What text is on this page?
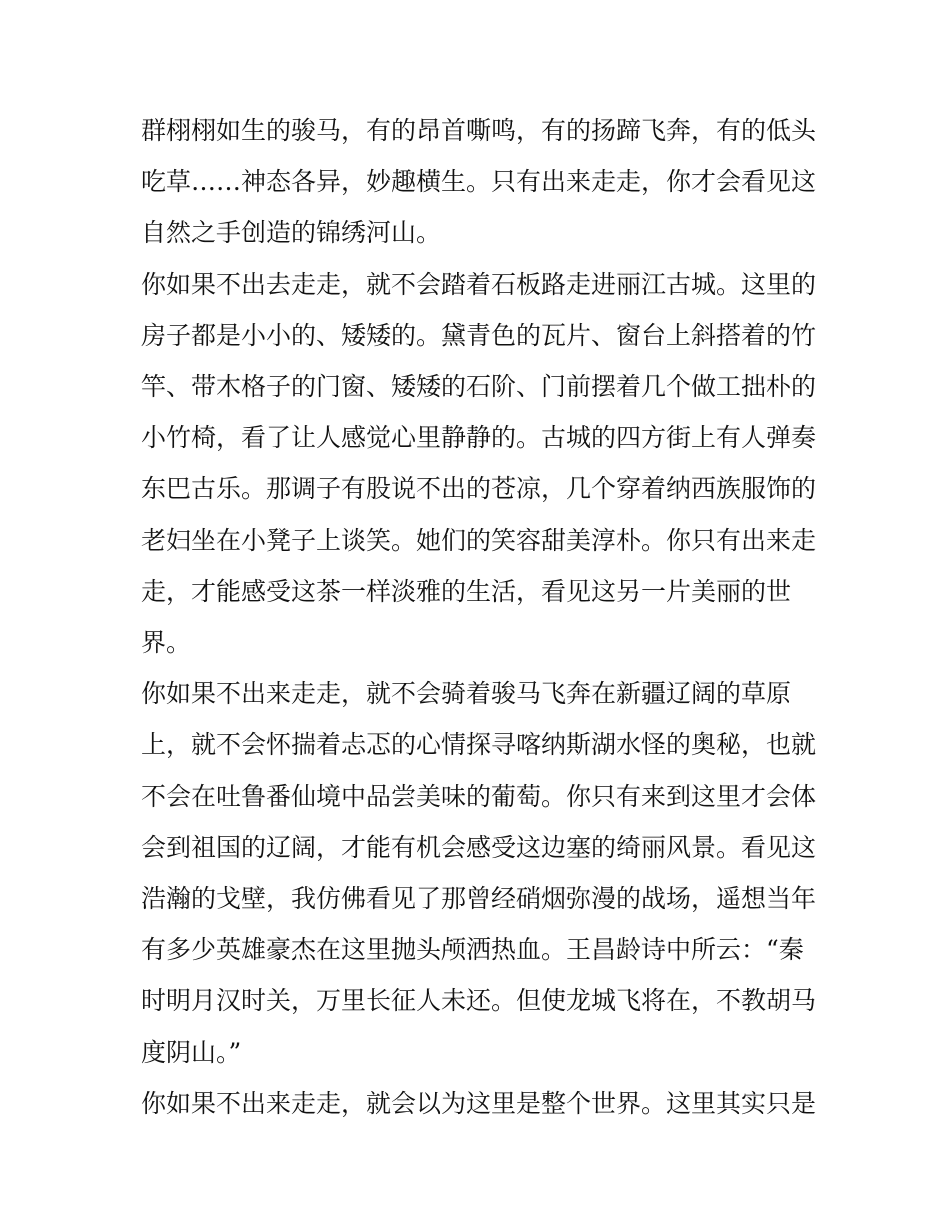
群栩栩如生的骏马，有的昂首嘶鸣，有的扬蹄飞奔，有的低头
吃草……神态各异，妙趣横生。只有出来走走，你才会看见这
自然之手创造的锦绣河山。

你如果不出去走走，就不会踏着石板路走进丽江古城。这里的
房子都是小小的、矮矮的。黛青色的瓦片、窗台上斜搭着的竹
竿、带木格子的门窗、矮矮的石阶、门前摆着几个做工拙朴的
小竹椅，看了让人感觉心里静静的。古城的四方街上有人弹奏
东巴古乐。那调子有股说不出的苍凉，几个穿着纳西族服饰的
老妇坐在小凳子上谈笑。她们的笑容甜美淳朴。你只有出来走
走，才能感受这茶一样淡雅的生活，看见这另一片美丽的世
界。

你如果不出来走走，就不会骑着骏马飞奔在新疆辽阔的草原
上，就不会怀揣着忐忑的心情探寻喀纳斯湖水怪的奥秘，也就
不会在吐鲁番仙境中品尝美味的葡萄。你只有来到这里才会体
会到祖国的辽阔，才能有机会感受这边塞的绮丽风景。看见这
浩瀚的戈壁，我仿佛看见了那曾经硝烟弥漫的战场，遥想当年
有多少英雄豪杰在这里抛头颅洒热血。王昌龄诗中所云：“秦
时明月汉时关，万里长征人未还。但使龙城飞将在，不教胡马
度阴山。”

你如果不出来走走，就会以为这里是整个世界。这里其实只是
